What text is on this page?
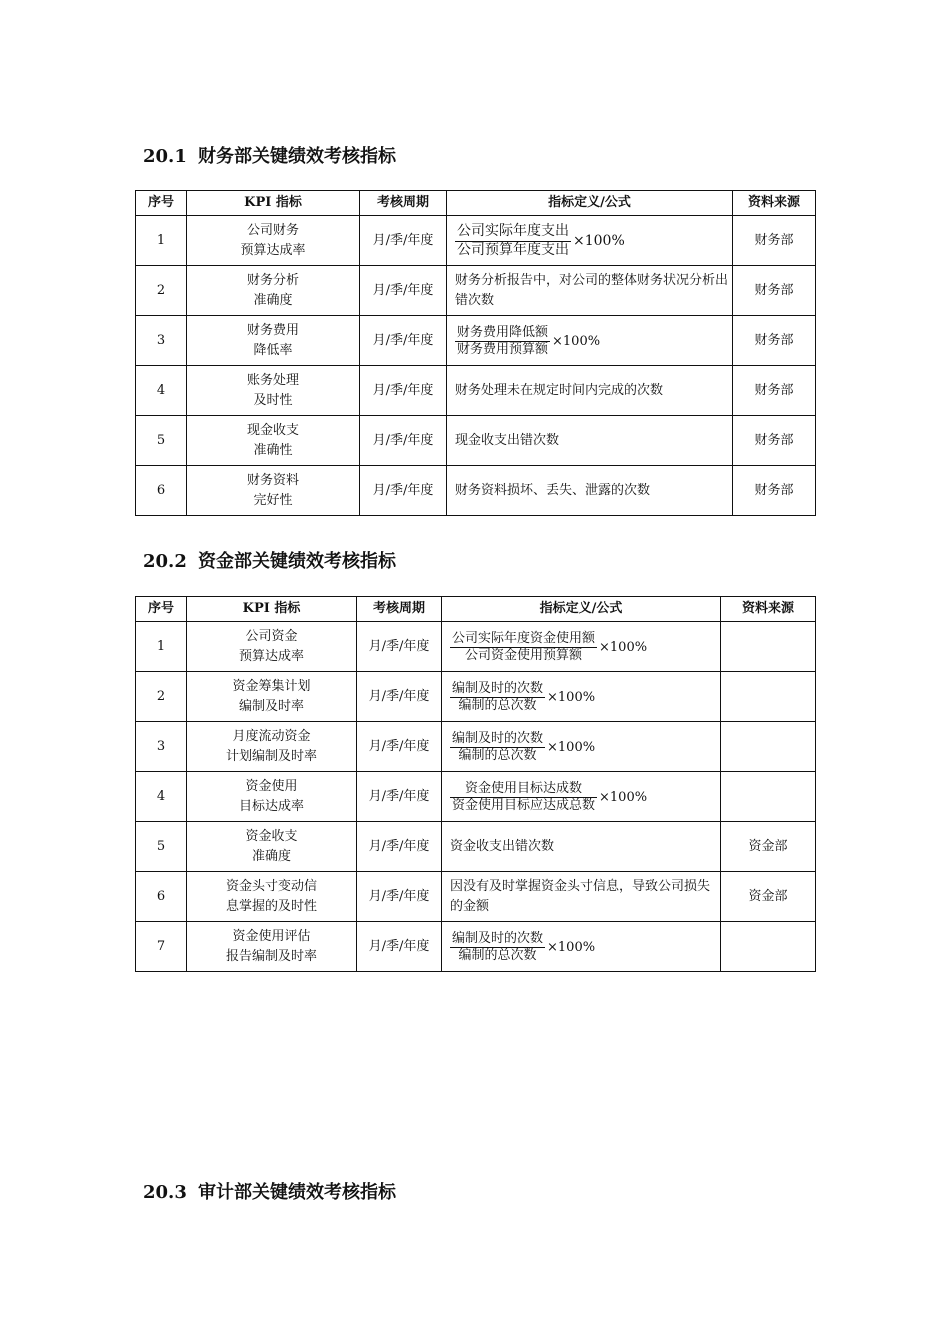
20.1 财务部关键绩效考核指标
序号	KPI 指标	考核周期	指标定义/公式	资料来源
1	公司财务
预算达成率	月/季/年度	$\frac{\text{公司实际年度支出}}{\text{公司预算年度支出}} \times 100\%$	财务部
2	财务分析
准确度	月/季/年度	财务分析报告中，对公司的整体财务状况分析出错次数	财务部
3	财务费用
降低率	月/季/年度	$\frac{\text{财务费用降低额}}{\text{财务费用预算额}} \times 100\%$	财务部
4	账务处理
及时性	月/季/年度	财务处理未在规定时间内完成的次数	财务部
5	现金收支
准确性	月/季/年度	现金收支出错次数	财务部
6	财务资料
完好性	月/季/年度	财务资料损坏、丢失、泄露的次数	财务部
20.2 资金部关键绩效考核指标
序号	KPI 指标	考核周期	指标定义/公式	资料来源
1	公司资金
预算达成率	月/季/年度	$\frac{\text{公司实际年度资金使用额}}{\text{公司资金使用预算额}} \times 100\%$	

2	资金筹集计划
编制及时率	月/季/年度	$\frac{\text{编制及时的次数}}{\text{编制的总次数}} \times 100\%$	

3	月度流动资金
计划编制及时率	月/季/年度	$\frac{\text{编制及时的次数}}{\text{编制的总次数}} \times 100\%$	

4	资金使用
目标达成率	月/季/年度	$\frac{\text{资金使用目标达成数}}{\text{资金使用目标应达成总数}} \times 100\%$	

5	资金收支
准确度	月/季/年度	资金收支出错次数	资金部
6	资金头寸变动信
息掌握的及时性	月/季/年度	因没有及时掌握资金头寸信息，导致公司损失的金额	资金部
7	资金使用评估
报告编制及时率	月/季/年度	$\frac{\text{编制及时的次数}}{\text{编制的总次数}} \times 100\%$	

20.3 审计部关键绩效考核指标
